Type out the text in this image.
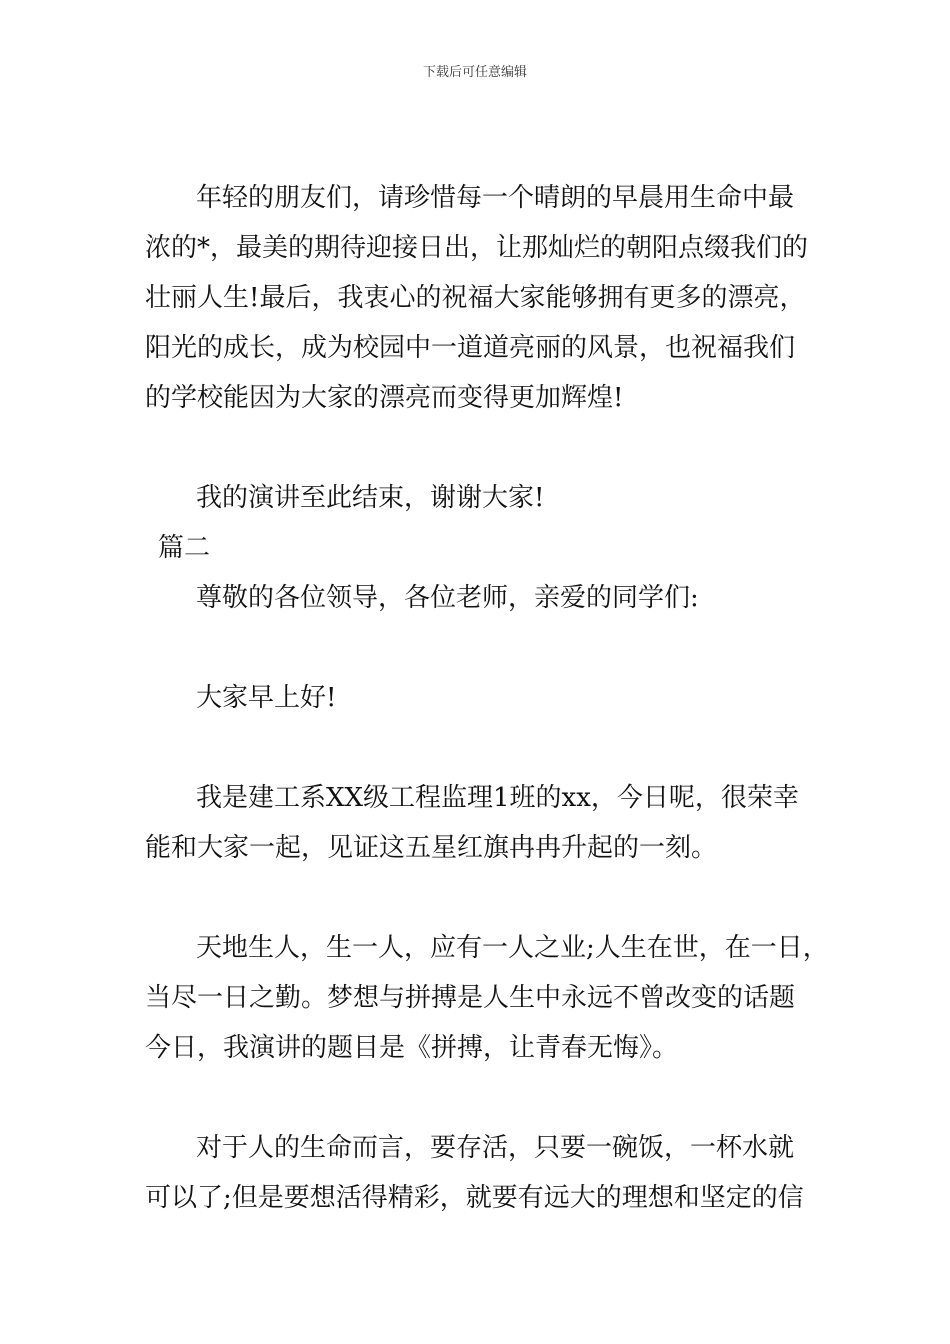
下载后可任意编辑
年轻的朋友们，请珍惜每一个晴朗的早晨用生命中最
浓的*，最美的期待迎接日出，让那灿烂的朝阳点缀我们的
壮丽人生!最后，我衷心的祝福大家能够拥有更多的漂亮，
阳光的成长，成为校园中一道道亮丽的风景，也祝福我们
的学校能因为大家的漂亮而变得更加辉煌!
我的演讲至此结束，谢谢大家!
篇二
尊敬的各位领导，各位老师，亲爱的同学们:
大家早上好!
我是建工系XX级工程监理1班的xx，今日呢，很荣幸
能和大家一起，见证这五星红旗冉冉升起的一刻。
天地生人，生一人，应有一人之业;人生在世，在一日，
当尽一日之勤。梦想与拼搏是人生中永远不曾改变的话题
今日，我演讲的题目是《拼搏，让青春无悔》。
对于人的生命而言，要存活，只要一碗饭，一杯水就
可以了;但是要想活得精彩，就要有远大的理想和坚定的信
